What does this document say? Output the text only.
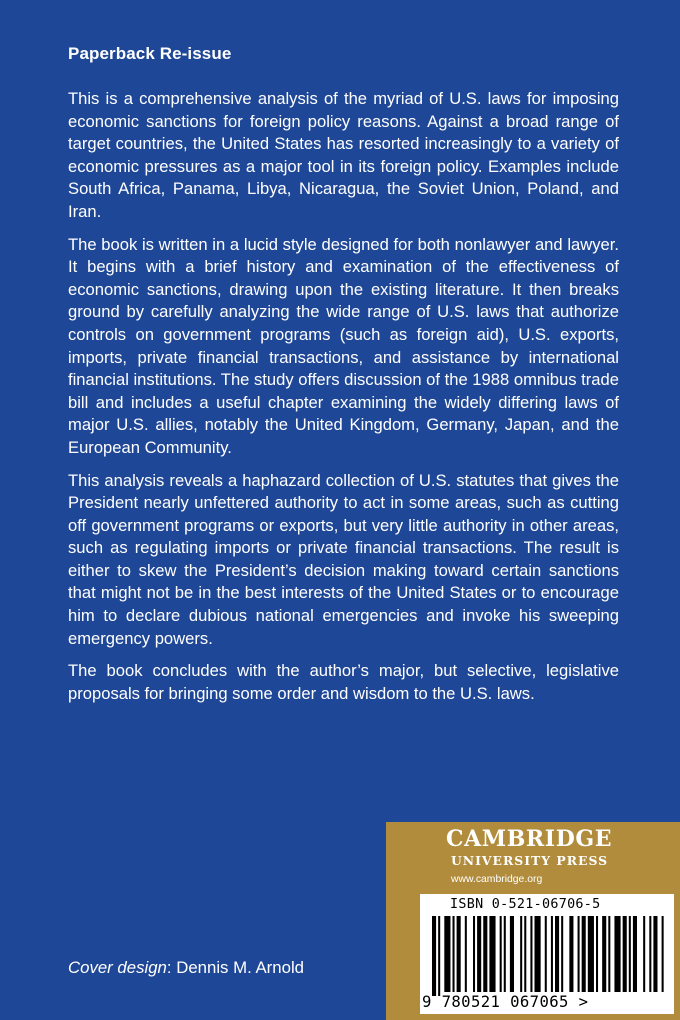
Paperback Re-issue

This is a comprehensive analysis of the myriad of U.S. laws for imposing economic sanctions for foreign policy reasons. Against a broad range of target countries, the United States has resorted increasingly to a variety of economic pressures as a major tool in its foreign policy. Examples include South Africa, Panama, Libya, Nicaragua, the Soviet Union, Poland, and Iran.

The book is written in a lucid style designed for both nonlawyer and lawyer. It begins with a brief history and examination of the effectiveness of economic sanctions, drawing upon the existing literature. It then breaks ground by carefully analyzing the wide range of U.S. laws that authorize controls on government programs (such as foreign aid), U.S. exports, imports, private financial transactions, and assistance by international financial institutions. The study offers discussion of the 1988 omnibus trade bill and includes a useful chapter examining the widely differing laws of major U.S. allies, notably the United Kingdom, Germany, Japan, and the European Community.

This analysis reveals a haphazard collection of U.S. statutes that gives the President nearly unfettered authority to act in some areas, such as cutting off government programs or exports, but very little authority in other areas, such as regulating imports or private financial transactions. The result is either to skew the President’s decision making toward certain sanctions that might not be in the best interests of the United States or to encourage him to declare dubious national emergencies and invoke his sweeping emergency powers.

The book concludes with the author’s major, but selective, legislative proposals for bringing some order and wisdom to the U.S. laws.

Cover design: Dennis M. Arnold
CAMBRIDGE
UNIVERSITY PRESS
www.cambridge.org
ISBN 0-521-06706-5
9 780521 067065 >
